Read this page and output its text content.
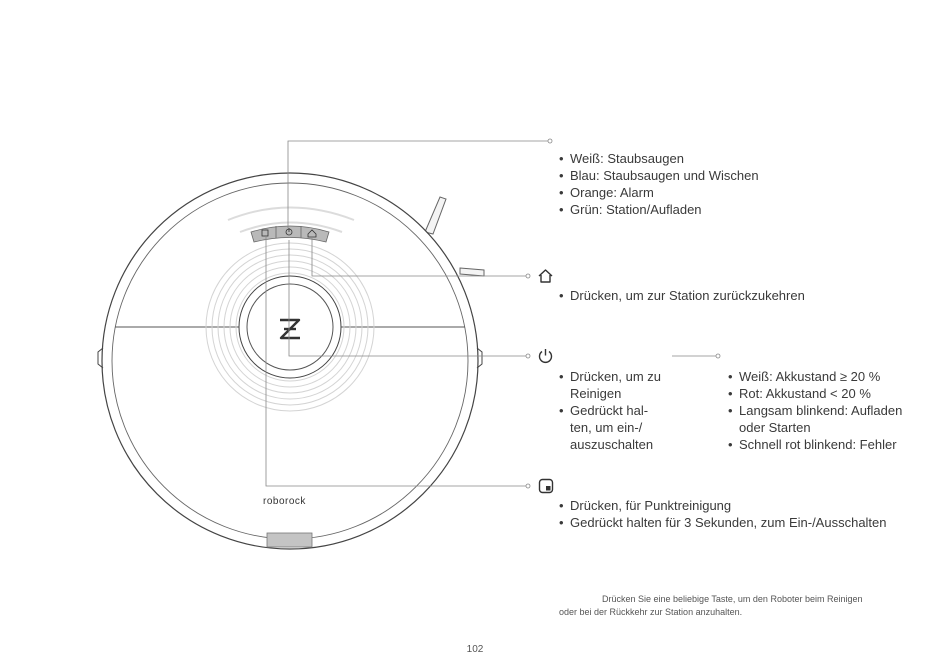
roborock
• Weiß: Staubsaugen
• Blau: Staubsaugen und Wischen
• Orange: Alarm
• Grün: Station/Aufladen
• Drücken, um zur Station zurückzukehren
• Drücken, um zu Reinigen
• Gedrückt hal-ten, um ein-/ auszuschalten
• Weiß: Akkustand ≥ 20 %
• Rot: Akkustand < 20 %
• Langsam blinkend: Aufladen oder Starten
• Schnell rot blinkend: Fehler
• Drücken, für Punktreinigung
• Gedrückt halten für 3 Sekunden, zum Ein-/Ausschalten
Drücken Sie eine beliebige Taste, um den Roboter beim Reinigen
oder bei der Rückkehr zur Station anzuhalten.
102
